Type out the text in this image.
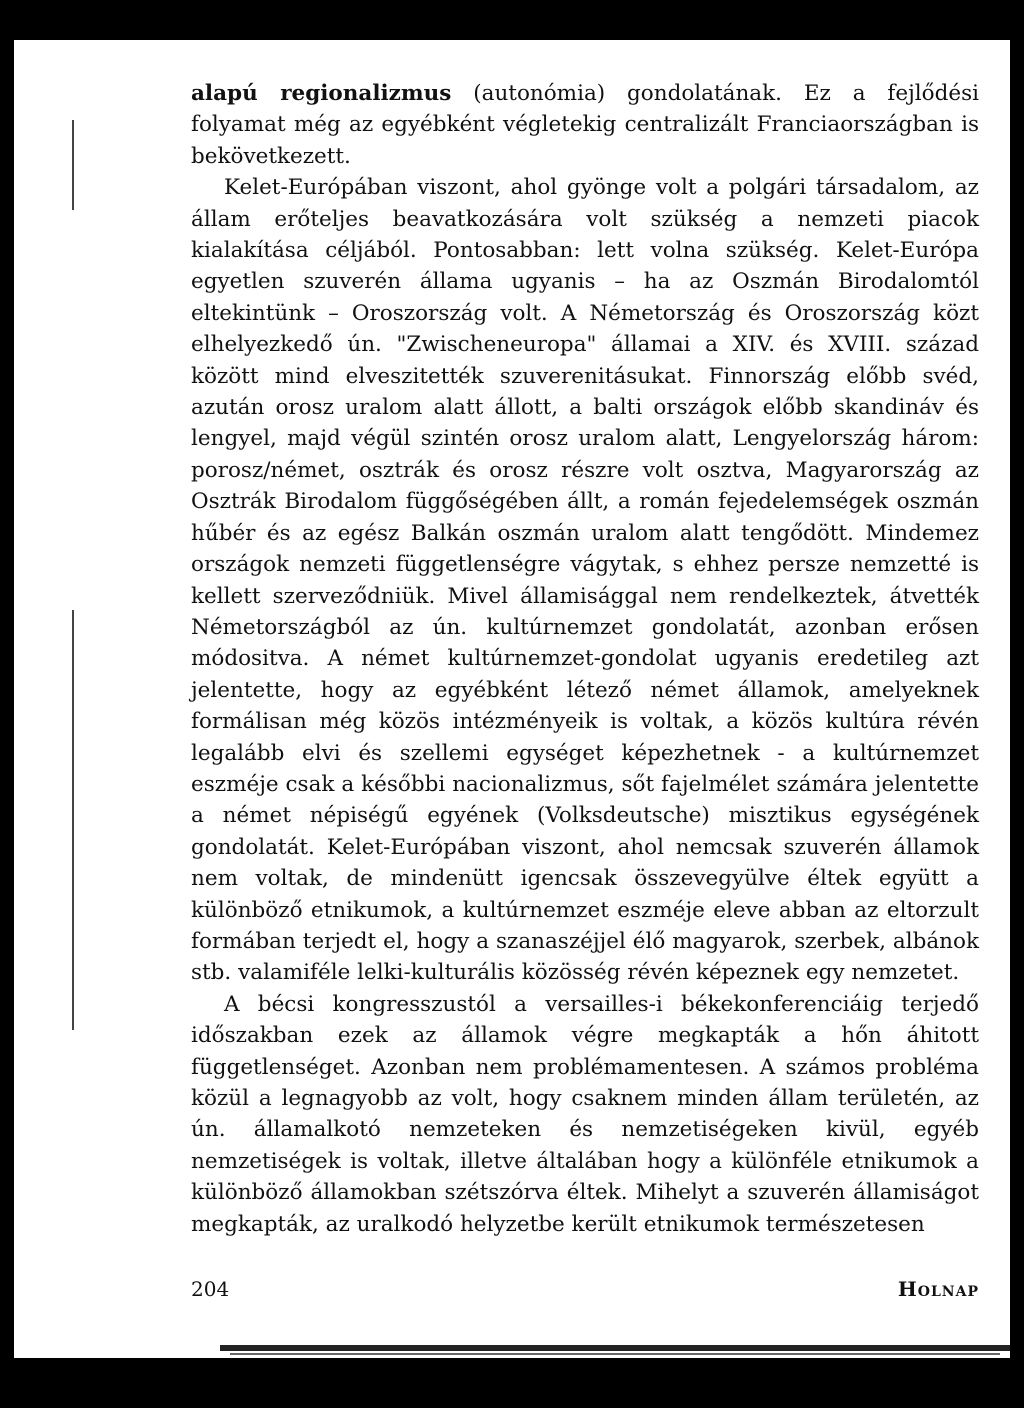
alapú regionalizmus (autonómia) gondolatának. Ez a fejlődési folyamat még az egyébként végletekig centralizált Franciaországban is bekövetkezett.

Kelet-Európában viszont, ahol gyönge volt a polgári társadalom, az állam erőteljes beavatkozására volt szükség a nemzeti piacok kialakítása céljából. Pontosabban: lett volna szükség. Kelet-Európa egyetlen szuverén állama ugyanis – ha az Oszmán Birodalomtól eltekintünk – Oroszország volt. A Németország és Oroszország közt elhelyezkedő ún. "Zwischeneuropa" államai a XIV. és XVIII. század között mind elveszitették szuverenitásukat. Finnország előbb svéd, azután orosz uralom alatt állott, a balti országok előbb skandináv és lengyel, majd végül szintén orosz uralom alatt, Lengyelország három: porosz/német, osztrák és orosz részre volt osztva, Magyarország az Osztrák Birodalom függőségében állt, a román fejedelemségek oszmán hűbér és az egész Balkán oszmán uralom alatt tengődött. Mindemez országok nemzeti függetlenségre vágytak, s ehhez persze nemzetté is kellett szerveződniük. Mivel államisággal nem rendelkeztek, átvették Németországból az ún. kultúrnemzet gondolatát, azonban erősen módositva. A német kultúrnemzet-gondolat ugyanis eredetileg azt jelentette, hogy az egyébként létező német államok, amelyeknek formálisan még közös intézményeik is voltak, a közös kultúra révén legalább elvi és szellemi egységet képezhetnek - a kultúrnemzet eszméje csak a későbbi nacionalizmus, sőt fajelmélet számára jelentette a német népiségű egyének (Volksdeutsche) misztikus egységének gondolatát. Kelet-Európában viszont, ahol nemcsak szuverén államok nem voltak, de mindenütt igencsak összevegyülve éltek együtt a különböző etnikumok, a kultúrnemzet eszméje eleve abban az eltorzult formában terjedt el, hogy a szanaszéjjel élő magyarok, szerbek, albánok stb. valamiféle lelki-kulturális közösség révén képeznek egy nemzetet.

A bécsi kongresszustól a versailles-i békekonferenciáig terjedő időszakban ezek az államok végre megkapták a hőn áhitott függetlenséget. Azonban nem problémamentesen. A számos probléma közül a legnagyobb az volt, hogy csaknem minden állam területén, az ún. államalkotó nemzeteken és nemzetiségeken kivül, egyéb nemzetiségek is voltak, illetve általában hogy a különféle etnikumok a különböző államokban szétszórva éltek. Mihelyt a szuverén államiságot megkapták, az uralkodó helyzetbe került etnikumok természetesen

204	Holnap
